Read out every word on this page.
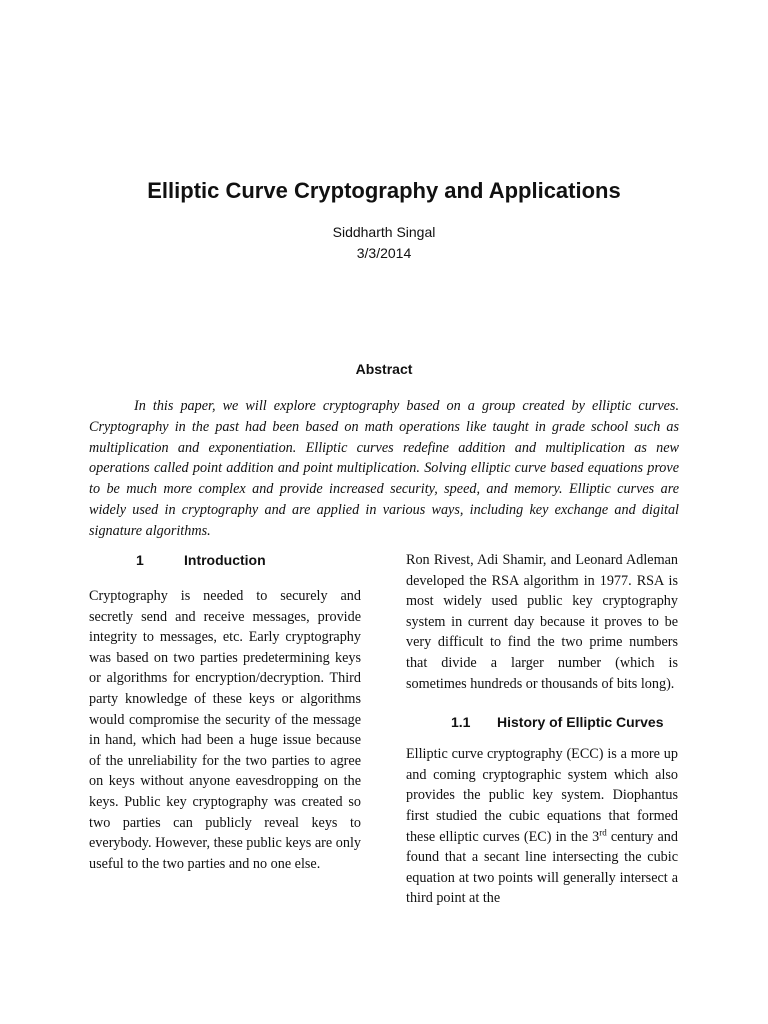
Elliptic Curve Cryptography and Applications
Siddharth Singal
3/3/2014
Abstract

In this paper, we will explore cryptography based on a group created by elliptic curves. Cryptography in the past had been based on math operations like taught in grade school such as multiplication and exponentiation. Elliptic curves redefine addition and multiplication as new operations called point addition and point multiplication. Solving elliptic curve based equations prove to be much more complex and provide increased security, speed, and memory. Elliptic curves are widely used in cryptography and are applied in various ways, including key exchange and digital signature algorithms.

1	Introduction

Cryptography is needed to securely and secretly send and receive messages, provide integrity to messages, etc. Early cryptography was based on two parties predetermining keys or algorithms for encryption/decryption. Third party knowledge of these keys or algorithms would compromise the security of the message in hand, which had been a huge issue because of the unreliability for the two parties to agree on keys without anyone eavesdropping on the keys. Public key cryptography was created so two parties can publicly reveal keys to everybody. However, these public keys are only useful to the two parties and no one else.

Ron Rivest, Adi Shamir, and Leonard Adleman developed the RSA algorithm in 1977. RSA is most widely used public key cryptography system in current day because it proves to be very difficult to find the two prime numbers that divide a larger number (which is sometimes hundreds or thousands of bits long).

1.1 History of Elliptic Curves

Elliptic curve cryptography (ECC) is a more up and coming cryptographic system which also provides the public key system. Diophantus first studied the cubic equations that formed these elliptic curves (EC) in the 3rd century and found that a secant line intersecting the cubic equation at two points will generally intersect a third point at the
